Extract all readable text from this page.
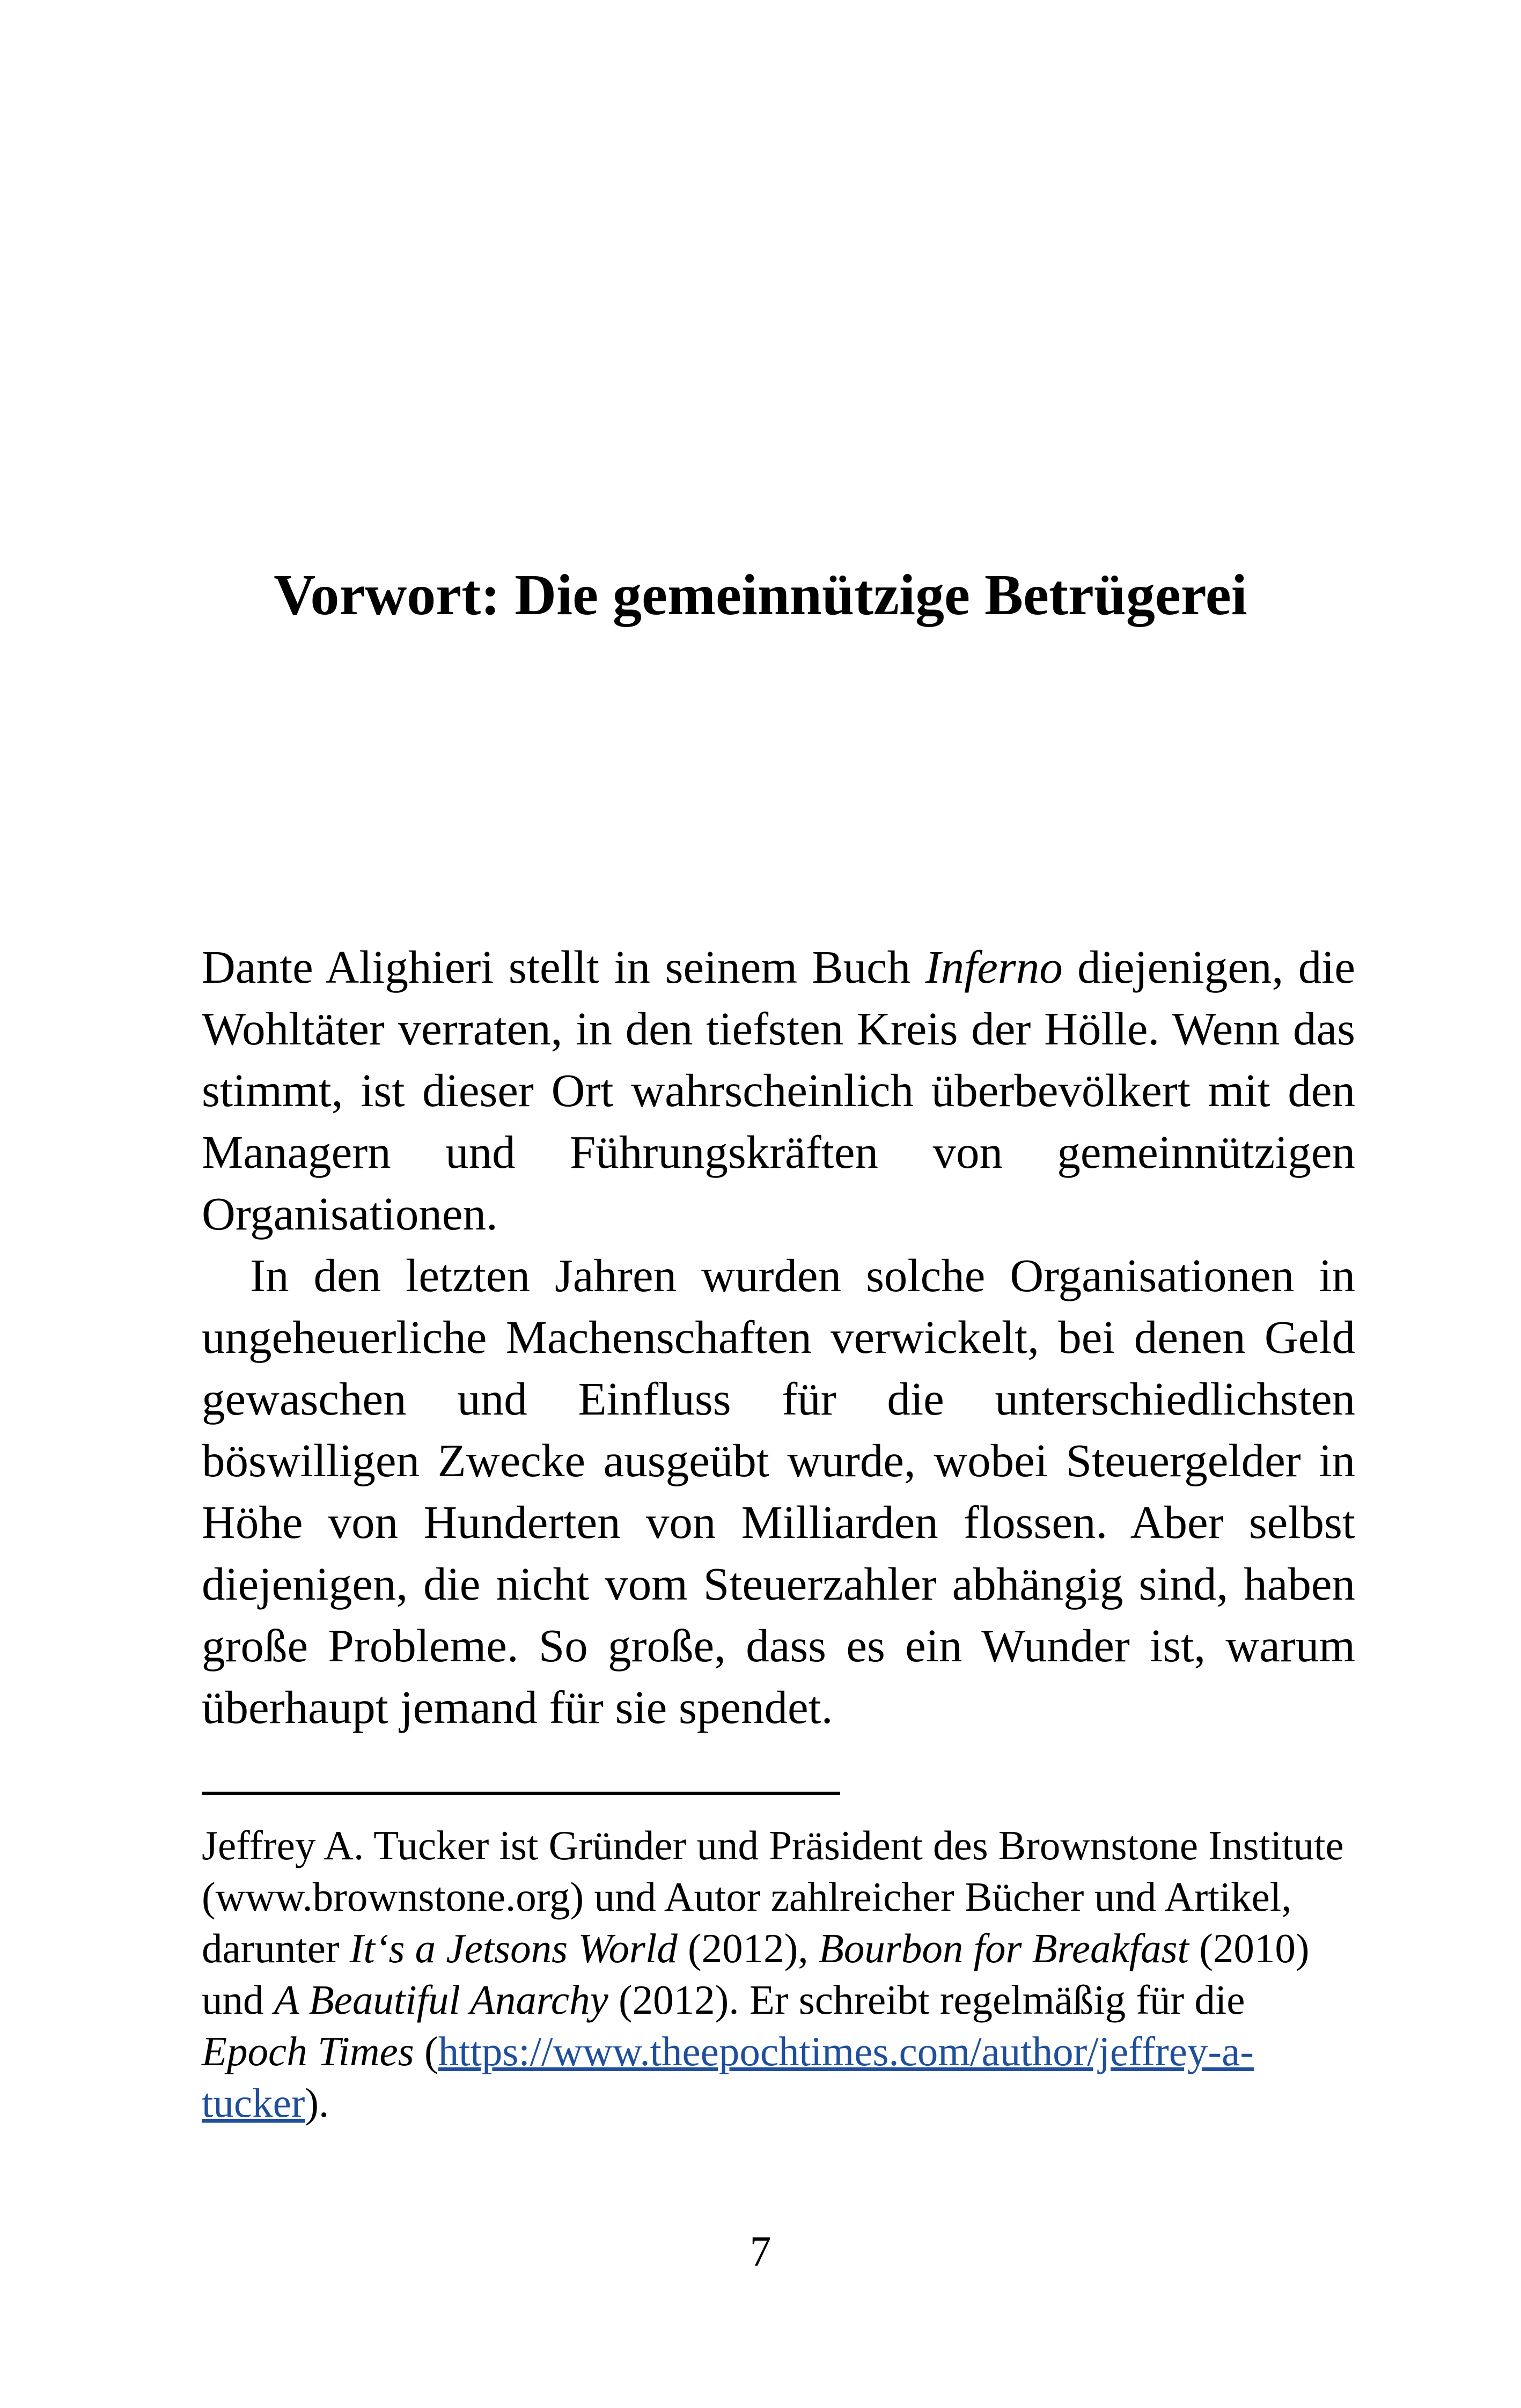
Vorwort: Die gemeinnützige Betrügerei

Dante Alighieri stellt in seinem Buch Inferno diejenigen, die Wohltäter verraten, in den tiefsten Kreis der Hölle. Wenn das stimmt, ist dieser Ort wahrscheinlich überbevölkert mit den Managern und Führungskräften von gemeinnützigen Organisationen.

In den letzten Jahren wurden solche Organisationen in ungeheuerliche Machenschaften verwickelt, bei denen Geld gewaschen und Einfluss für die unterschiedlichsten böswilligen Zwecke ausgeübt wurde, wobei Steuergelder in Höhe von Hunderten von Milliarden flossen. Aber selbst diejenigen, die nicht vom Steuerzahler abhängig sind, haben große Probleme. So große, dass es ein Wunder ist, warum überhaupt jemand für sie spendet.

Jeffrey A. Tucker ist Gründer und Präsident des Brownstone Institute (www.brownstone.org) und Autor zahlreicher Bücher und Artikel, darunter It‘s a Jetsons World (2012), Bourbon for Breakfast (2010) und A Beautiful Anarchy (2012). Er schreibt regelmäßig für die Epoch Times (https://www.theepochtimes.com/author/jeffrey-a-tucker).

7
